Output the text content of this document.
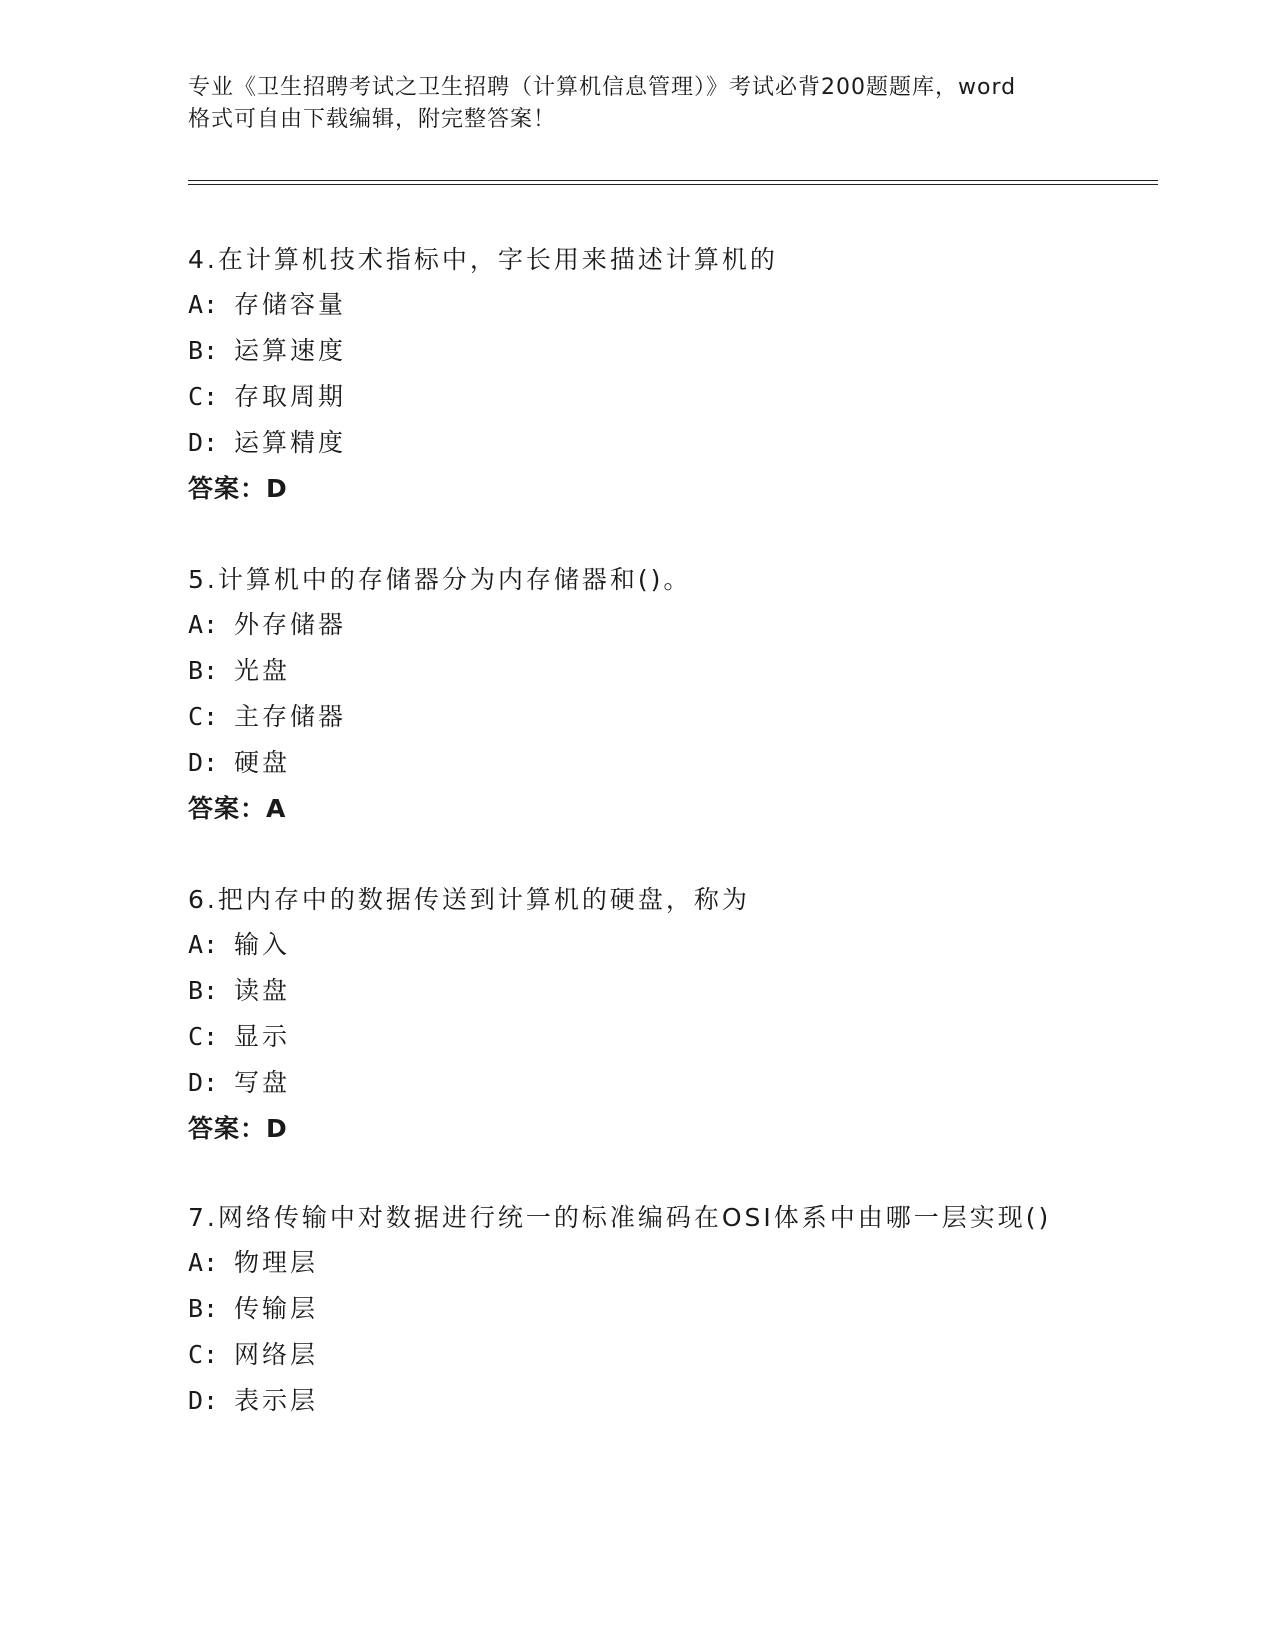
专业《卫生招聘考试之卫生招聘（计算机信息管理）》考试必背200题题库，word
格式可自由下载编辑，附完整答案！

4.在计算机技术指标中，字长用来描述计算机的

A: 存储容量

B: 运算速度

C: 存取周期

D: 运算精度

答案：D

5.计算机中的存储器分为内存储器和()。

A: 外存储器

B: 光盘

C: 主存储器

D: 硬盘

答案：A

6.把内存中的数据传送到计算机的硬盘，称为

A: 输入

B: 读盘

C: 显示

D: 写盘

答案：D

7.网络传输中对数据进行统一的标准编码在OSI体系中由哪一层实现()

A: 物理层

B: 传输层

C: 网络层

D: 表示层
